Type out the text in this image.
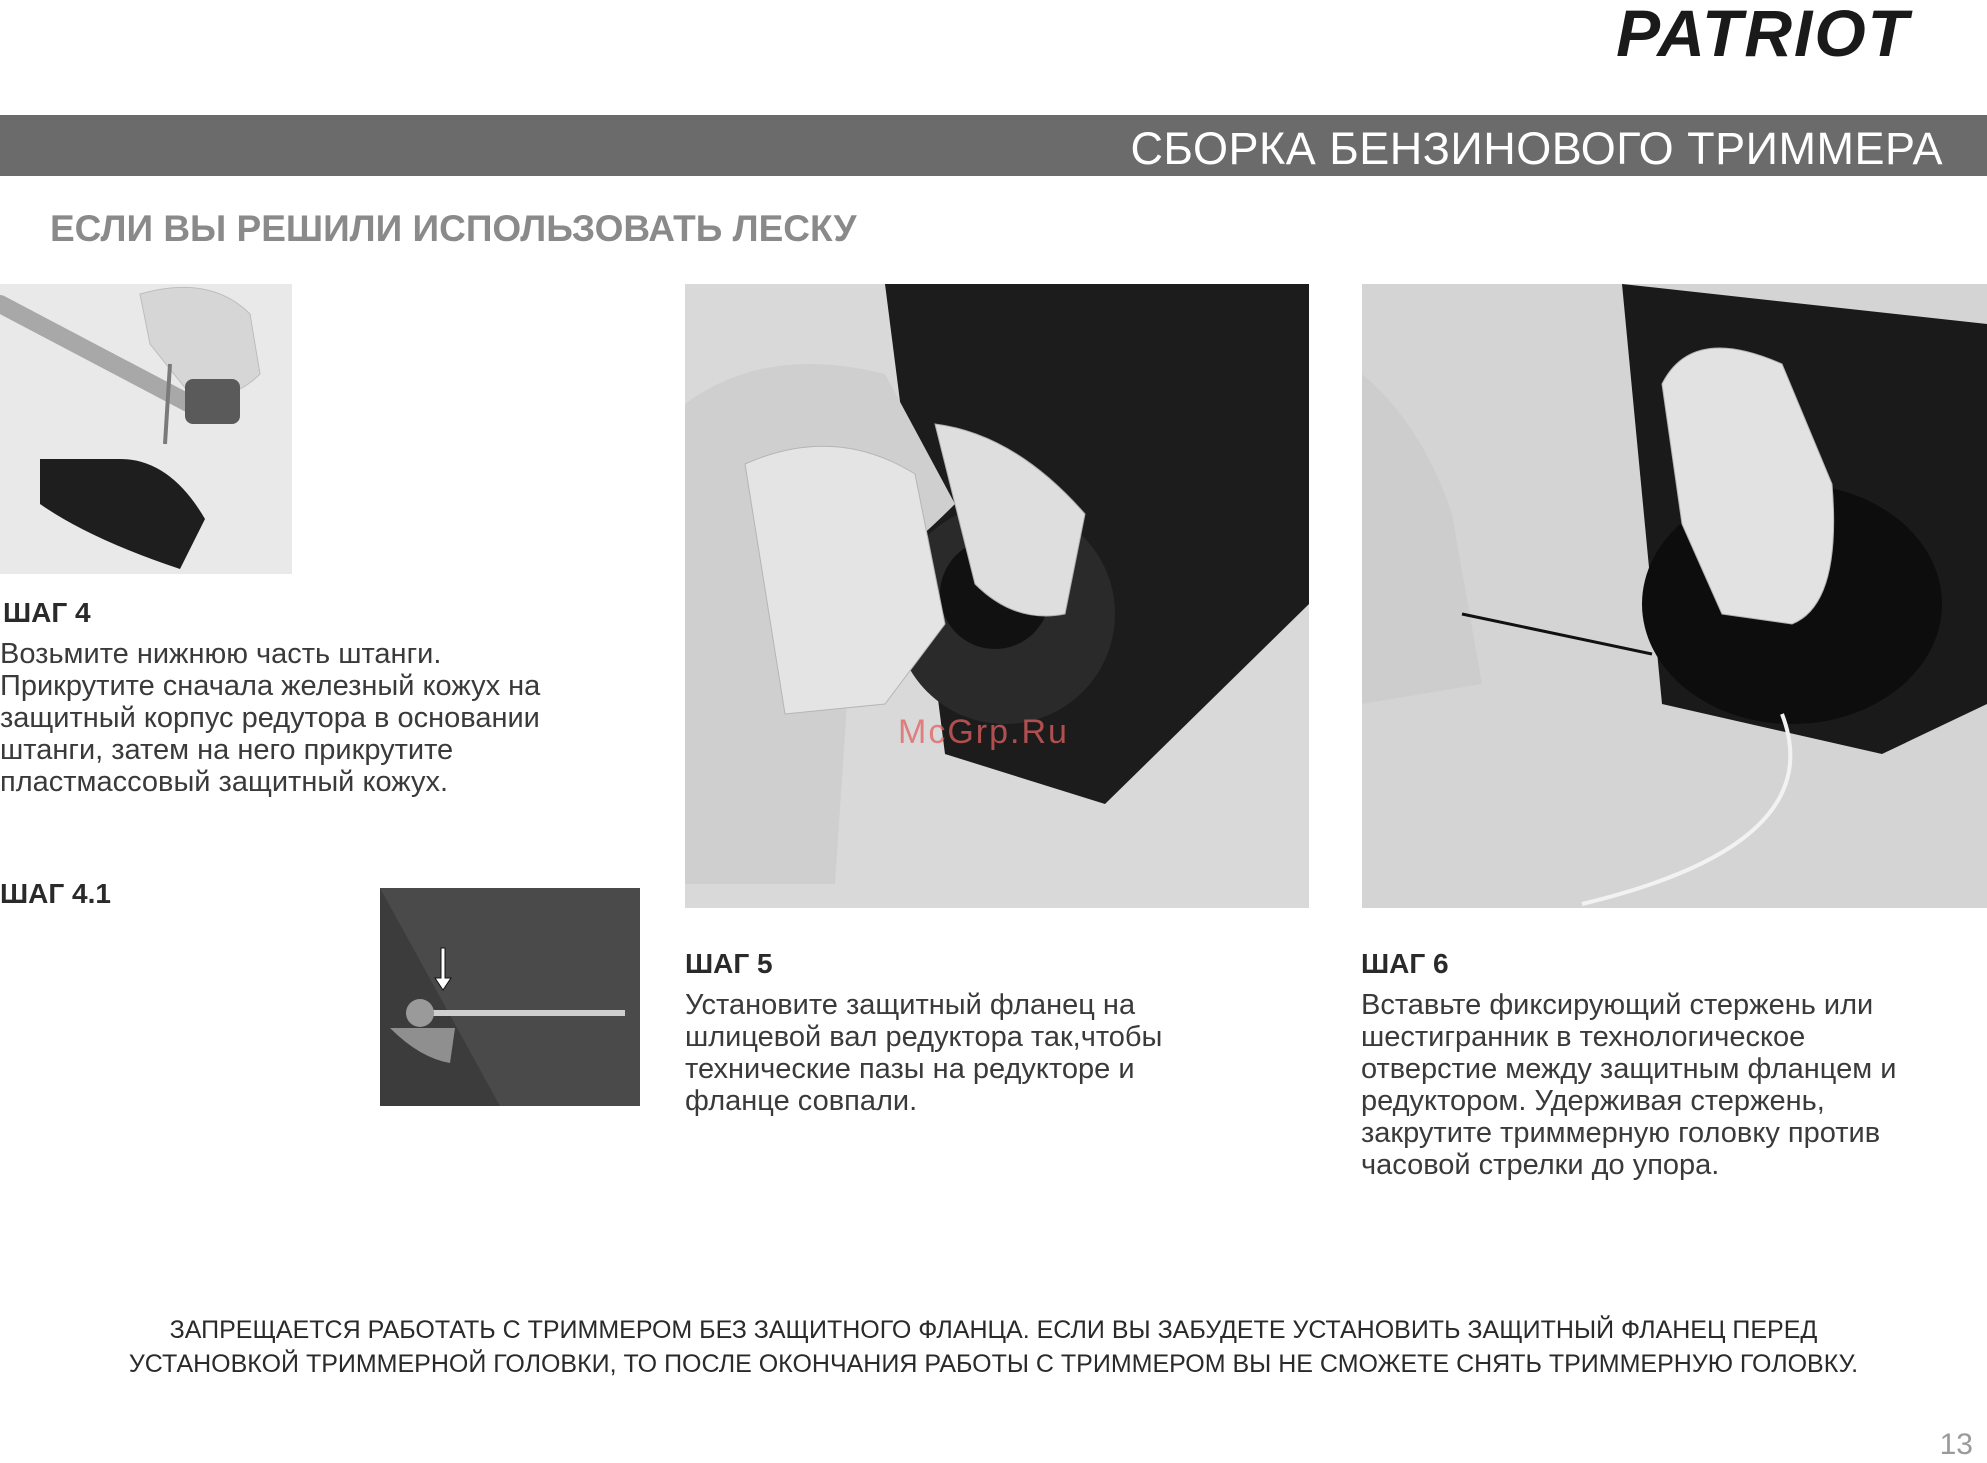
PATRIOT
СБОРКА БЕНЗИНОВОГО ТРИММЕРА
ЕСЛИ ВЫ РЕШИЛИ ИСПОЛЬЗОВАТЬ ЛЕСКУ
ШАГ 4
Возьмите нижнюю часть штанги.
Прикрутите сначала железный кожух на
защитный корпус редутора в основании
штанги, затем на него прикрутите
пластмассовый защитный кожух.
ШАГ 4.1
ШАГ 5
Установите защитный фланец на
шлицевой вал редуктора так,чтобы
технические пазы на редукторе и
фланце совпали.
ШАГ 6
Вставьте фиксирующий стержень или
шестигранник в технологическое
отверстие между защитным фланцем и
редуктором. Удерживая стержень,
закрутите триммерную головку против
часовой стрелки до упора.
McGrp.Ru
ЗАПРЕЩАЕТСЯ РАБОТАТЬ С ТРИММЕРОМ БЕЗ ЗАЩИТНОГО ФЛАНЦА. ЕСЛИ ВЫ ЗАБУДЕТЕ УСТАНОВИТЬ ЗАЩИТНЫЙ ФЛАНЕЦ ПЕРЕД
УСТАНОВКОЙ ТРИММЕРНОЙ ГОЛОВКИ, ТО ПОСЛЕ ОКОНЧАНИЯ РАБОТЫ С ТРИММЕРОМ ВЫ НЕ СМОЖЕТЕ СНЯТЬ ТРИММЕРНУЮ ГОЛОВКУ.
13
